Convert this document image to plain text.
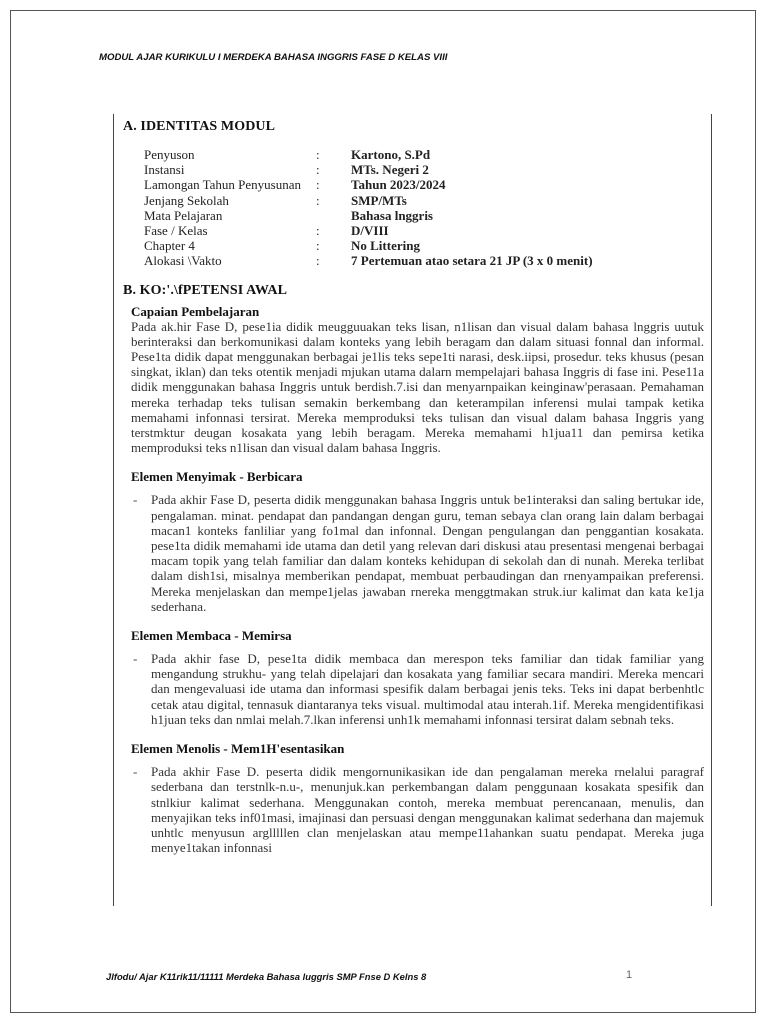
MODUL AJAR KURIKULU I MERDEKA BAHASA INGGRIS FASE D KELAS VIII
A. IDENTITAS MODUL
Penyuson	:	Kartono, S.Pd
Instansi	:	MTs. Negeri 2
Lamongan Tahun Penyusunan	:	Tahun 2023/2024
Jenjang Sekolah	:	SMP/MTs
Mata Pelajaran		Bahasa lnggris
Fase / Kelas	:	D/VIII
Chapter 4	:	No Littering
Alokasi \Vakto	:	7 Pertemuan atao setara 21 JP (3 x 0 menit)
B. KO:'.\fPETENSI AWAL
Capaian Pembelajaran
Pada ak.hir Fase D, pese1ia didik meugguuakan teks lisan, n1lisan dan visual dalam bahasa lnggris uutuk berinteraksi dan berkomunikasi dalam konteks yang lebih beragam dan dalam situasi fonnal dan informal. Pese1ta didik dapat menggunakan berbagai je1lis teks sepe1ti narasi, desk.iipsi, prosedur. teks khusus (pesan singkat, iklan) dan teks otentik menjadi mjukan utama dalarn mempelajari bahasa Inggris di fase ini. Pese11a didik menggunakan bahasa Inggris untuk berdish.7.isi dan menyarnpaikan keinginaw'perasaan. Pemahaman mereka terhadap teks tulisan semakin berkembang dan keterampilan inferensi mulai tampak ketika memahami infonnasi tersirat. Mereka memproduksi teks tulisan dan visual dalam bahasa Inggris yang terstmktur deugan kosakata yang lebih beragam. Mereka memahami h1jua11 dan pemirsa ketika memproduksi teks n1lisan dan visual dalam bahasa Inggris.
Elemen Menyimak - Berbicara
- Pada akhir Fase D, peserta didik menggunakan bahasa Inggris untuk be1interaksi dan saling bertukar ide, pengalaman. minat. pendapat dan pandangan dengan guru, teman sebaya clan orang lain dalam berbagai macan1 konteks fanliliar yang fo1mal dan infonnal. Dengan pengulangan dan penggantian kosakata. pese1ta didik memahami ide utama dan detil yang relevan dari diskusi atau presentasi mengenai berbagai macam topik yang telah familiar dan dalam konteks kehidupan di sekolah dan di nunah. Mereka terlibat dalam dish1si, misalnya memberikan pendapat, membuat perbaudingan dan rnenyampaikan preferensi. Mereka menjelaskan dan mempe1jelas jawaban rnereka menggtmakan struk.iur kalimat dan kata ke1ja sederhana.
Elemen Membaca - Memirsa
- Pada akhir fase D, pese1ta didik membaca dan merespon teks familiar dan tidak familiar yang mengandung strukhu- yang telah dipelajari dan kosakata yang familiar secara mandiri. Mereka mencari dan mengevaluasi ide utama dan informasi spesifik dalam berbagai jenis teks. Teks ini dapat berbenhtlc cetak atau digital, tennasuk diantaranya teks visual. multimodal atau interah.1if. Mereka mengidentifikasi h1juan teks dan nmlai melah.7.lkan inferensi unh1k memahami infonnasi tersirat dalam sebnah teks.
Elemen Menolis - Mem1H'esentasikan
- Pada akhir Fase D. peserta didik mengornunikasikan ide dan pengalaman mereka rnelalui paragraf sederbana dan terstnlk-n.u-, menunjuk.kan perkembangan dalam penggunaan kosakata spesifik dan stnlkiur kalimat sederhana. Menggunakan contoh, mereka membuat perencanaan, menulis, dan menyajikan teks inf01masi, imajinasi dan persuasi dengan menggunakan kalimat sederhana dan majemuk unhtlc menyusun arglllllen clan menjelaskan atau mempe11ahankan suatu pendapat. Mereka juga menye1takan infonnasi
Jlfodu/ Ajar K11rik11/11111 Merdeka Bahasa luggris SMP Fnse D Kelns 8	1
